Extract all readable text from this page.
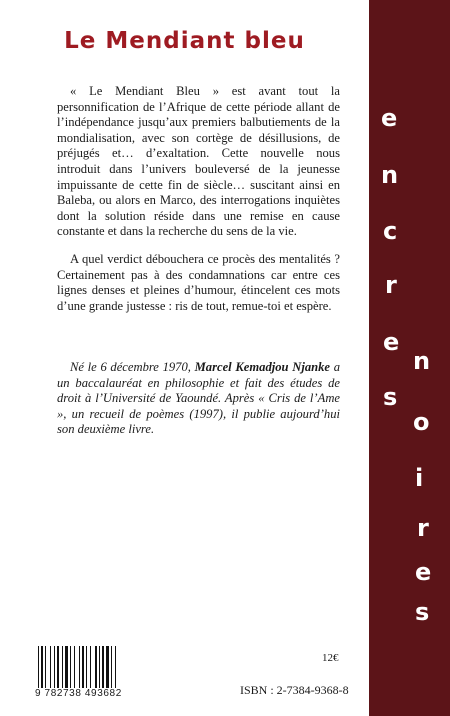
Le Mendiant bleu

« Le Mendiant Bleu » est avant tout la personnification de l’Afrique de cette période allant de l’indépendance jusqu’aux premiers balbutiements de la mondialisation, avec son cortège de désillusions, de préjugés et… d’exaltation. Cette nouvelle nous introduit dans l’univers bouleversé de la jeunesse impuissante de cette fin de siècle… suscitant ainsi en Baleba, ou alors en Marco, des interrogations inquiètes dont la solution réside dans une remise en cause constante et dans la recherche du sens de la vie.

A quel verdict débouchera ce procès des mentalités ? Certainement pas à des condamnations car entre ces lignes denses et pleines d’humour, étincelent ces mots d’une grande justesse : ris de tout, remue-toi et espère.

Né le 6 décembre 1970, Marcel Kemadjou Njanke a un baccalauréat en philosophie et fait des études de droit à l’Université de Yaoundé. Après « Cris de l’Ame », un recueil de poèmes (1997), il publie aujourd’hui son deuxième livre.

12€
9 782738 493682	ISBN : 2-7384-9368-8
e
n
c
r
e
s
n
o
i
r
e
s
